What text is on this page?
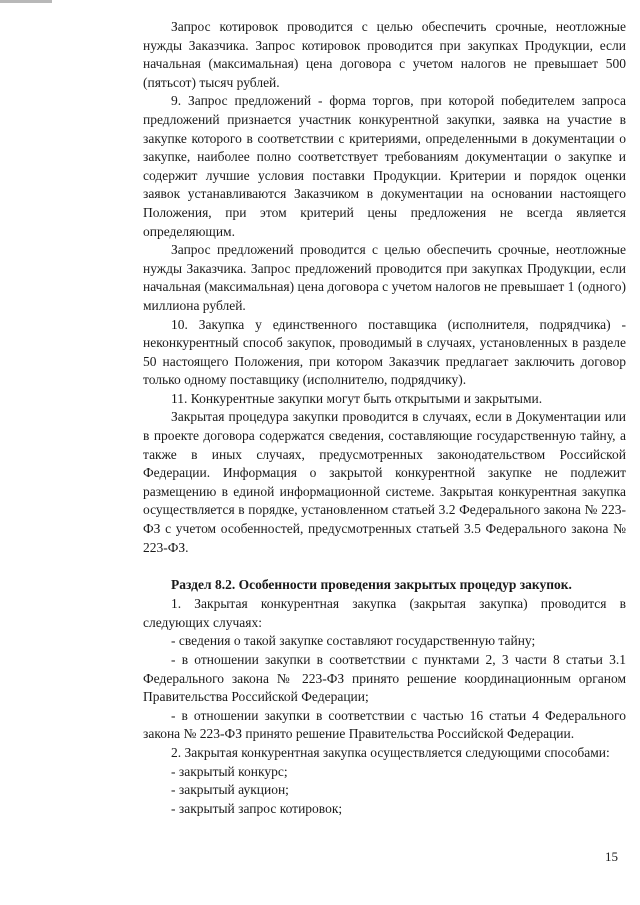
Запрос котировок проводится с целью обеспечить срочные, неотложные нужды Заказчика. Запрос котировок проводится при закупках Продукции, если начальная (максимальная) цена договора с учетом налогов не превышает 500 (пятьсот) тысяч рублей.

9. Запрос предложений - форма торгов, при которой победителем запроса предложений признается участник конкурентной закупки, заявка на участие в закупке которого в соответствии с критериями, определенными в документации о закупке, наиболее полно соответствует требованиям документации о закупке и содержит лучшие условия поставки Продукции. Критерии и порядок оценки заявок устанавливаются Заказчиком в документации на основании настоящего Положения, при этом критерий цены предложения не всегда является определяющим.

Запрос предложений проводится с целью обеспечить срочные, неотложные нужды Заказчика. Запрос предложений проводится при закупках Продукции, если начальная (максимальная) цена договора с учетом налогов не превышает 1 (одного) миллиона рублей.

10. Закупка у единственного поставщика (исполнителя, подрядчика) - неконкурентный способ закупок, проводимый в случаях, установленных в разделе 50 настоящего Положения, при котором Заказчик предлагает заключить договор только одному поставщику (исполнителю, подрядчику).

11. Конкурентные закупки могут быть открытыми и закрытыми.

Закрытая процедура закупки проводится в случаях, если в Документации или в проекте договора содержатся сведения, составляющие государственную тайну, а также в иных случаях, предусмотренных законодательством Российской Федерации. Информация о закрытой конкурентной закупке не подлежит размещению в единой информационной системе. Закрытая конкурентная закупка осуществляется в порядке, установленном статьей 3.2 Федерального закона № 223-ФЗ с учетом особенностей, предусмотренных статьей 3.5 Федерального закона № 223-ФЗ.

Раздел 8.2. Особенности проведения закрытых процедур закупок.

1. Закрытая конкурентная закупка (закрытая закупка) проводится в следующих случаях:
- сведения о такой закупке составляют государственную тайну;
- в отношении закупки в соответствии с пунктами 2, 3 части 8 статьи 3.1 Федерального закона № 223-ФЗ принято решение координационным органом Правительства Российской Федерации;
- в отношении закупки в соответствии с частью 16 статьи 4 Федерального закона № 223-ФЗ принято решение Правительства Российской Федерации.
2. Закрытая конкурентная закупка осуществляется следующими способами:
- закрытый конкурс;
- закрытый аукцион;
- закрытый запрос котировок;
15
